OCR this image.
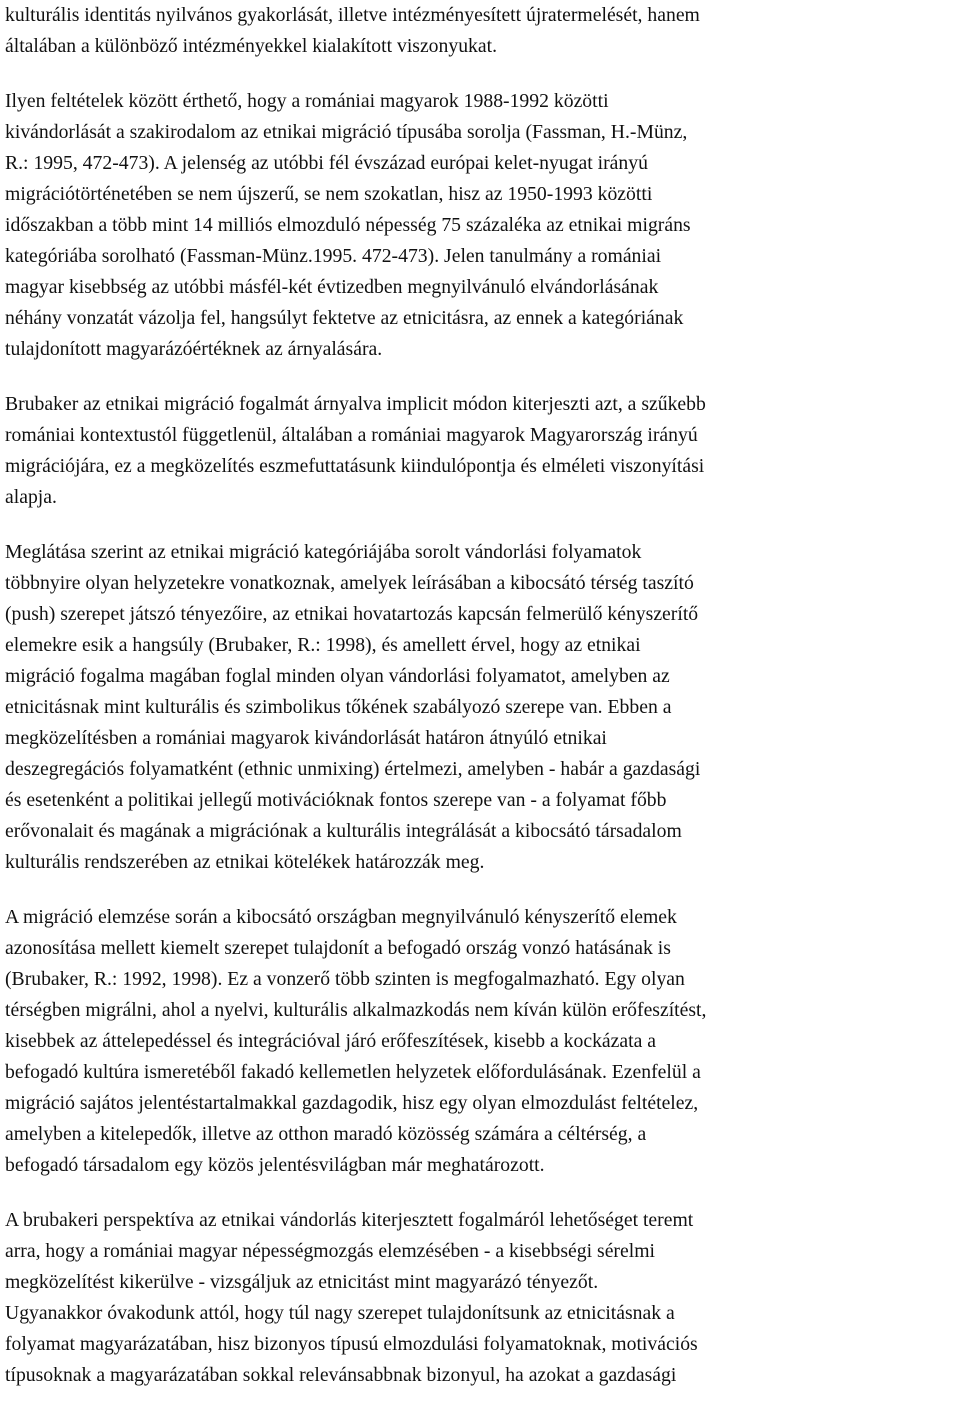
kulturális identitás nyilvános gyakorlását, illetve intézményesített újratermelését, hanem
általában a különböző intézményekkel kialakított viszonyukat.

Ilyen feltételek között érthető, hogy a romániai magyarok 1988-1992 közötti
kivándorlását a szakirodalom az etnikai migráció típusába sorolja (Fassman, H.-Münz,
R.: 1995, 472-473). A jelenség az utóbbi fél évszázad európai kelet-nyugat irányú
migrációtörténetében se nem újszerű, se nem szokatlan, hisz az 1950-1993 közötti
időszakban a több mint 14 milliós elmozduló népesség 75 százaléka az etnikai migráns
kategóriába sorolható (Fassman-Münz.1995. 472-473). Jelen tanulmány a romániai
magyar kisebbség az utóbbi másfél-két évtizedben megnyilvánuló elvándorlásának
néhány vonzatát vázolja fel, hangsúlyt fektetve az etnicitásra, az ennek a kategóriának
tulajdonított magyarázóértéknek az árnyalására.

Brubaker az etnikai migráció fogalmát árnyalva implicit módon kiterjeszti azt, a szűkebb
romániai kontextustól függetlenül, általában a romániai magyarok Magyarország irányú
migrációjára, ez a megközelítés eszmefuttatásunk kiindulópontja és elméleti viszonyítási
alapja.

Meglátása szerint az etnikai migráció kategóriájába sorolt vándorlási folyamatok
többnyire olyan helyzetekre vonatkoznak, amelyek leírásában a kibocsátó térség taszító
(push) szerepet játszó tényezőire, az etnikai hovatartozás kapcsán felmerülő kényszerítő
elemekre esik a hangsúly (Brubaker, R.: 1998), és amellett érvel, hogy az etnikai
migráció fogalma magában foglal minden olyan vándorlási folyamatot, amelyben az
etnicitásnak mint kulturális és szimbolikus tőkének szabályozó szerepe van. Ebben a
megközelítésben a romániai magyarok kivándorlását határon átnyúló etnikai
deszegregációs folyamatként (ethnic unmixing) értelmezi, amelyben - habár a gazdasági
és esetenként a politikai jellegű motivációknak fontos szerepe van - a folyamat főbb
erővonalait és magának a migrációnak a kulturális integrálását a kibocsátó társadalom
kulturális rendszerében az etnikai kötelékek határozzák meg.

A migráció elemzése során a kibocsátó országban megnyilvánuló kényszerítő elemek
azonosítása mellett kiemelt szerepet tulajdonít a befogadó ország vonzó hatásának is
(Brubaker, R.: 1992, 1998). Ez a vonzerő több szinten is megfogalmazható. Egy olyan
térségben migrálni, ahol a nyelvi, kulturális alkalmazkodás nem kíván külön erőfeszítést,
kisebbek az áttelepedéssel és integrációval járó erőfeszítések, kisebb a kockázata a
befogadó kultúra ismeretéből fakadó kellemetlen helyzetek előfordulásának. Ezenfelül a
migráció sajátos jelentéstartalmakkal gazdagodik, hisz egy olyan elmozdulást feltételez,
amelyben a kitelepedők, illetve az otthon maradó közösség számára a céltérség, a
befogadó társadalom egy közös jelentésvilágban már meghatározott.

A brubakeri perspektíva az etnikai vándorlás kiterjesztett fogalmáról lehetőséget teremt
arra, hogy a romániai magyar népességmozgás elemzésében - a kisebbségi sérelmi
megközelítést kikerülve - vizsgáljuk az etnicitást mint magyarázó tényezőt.
Ugyanakkor óvakodunk attól, hogy túl nagy szerepet tulajdonítsunk az etnicitásnak a
folyamat magyarázatában, hisz bizonyos típusú elmozdulási folyamatoknak, motivációs
típusoknak a magyarázatában sokkal relevánsabbnak bizonyul, ha azokat a gazdasági
